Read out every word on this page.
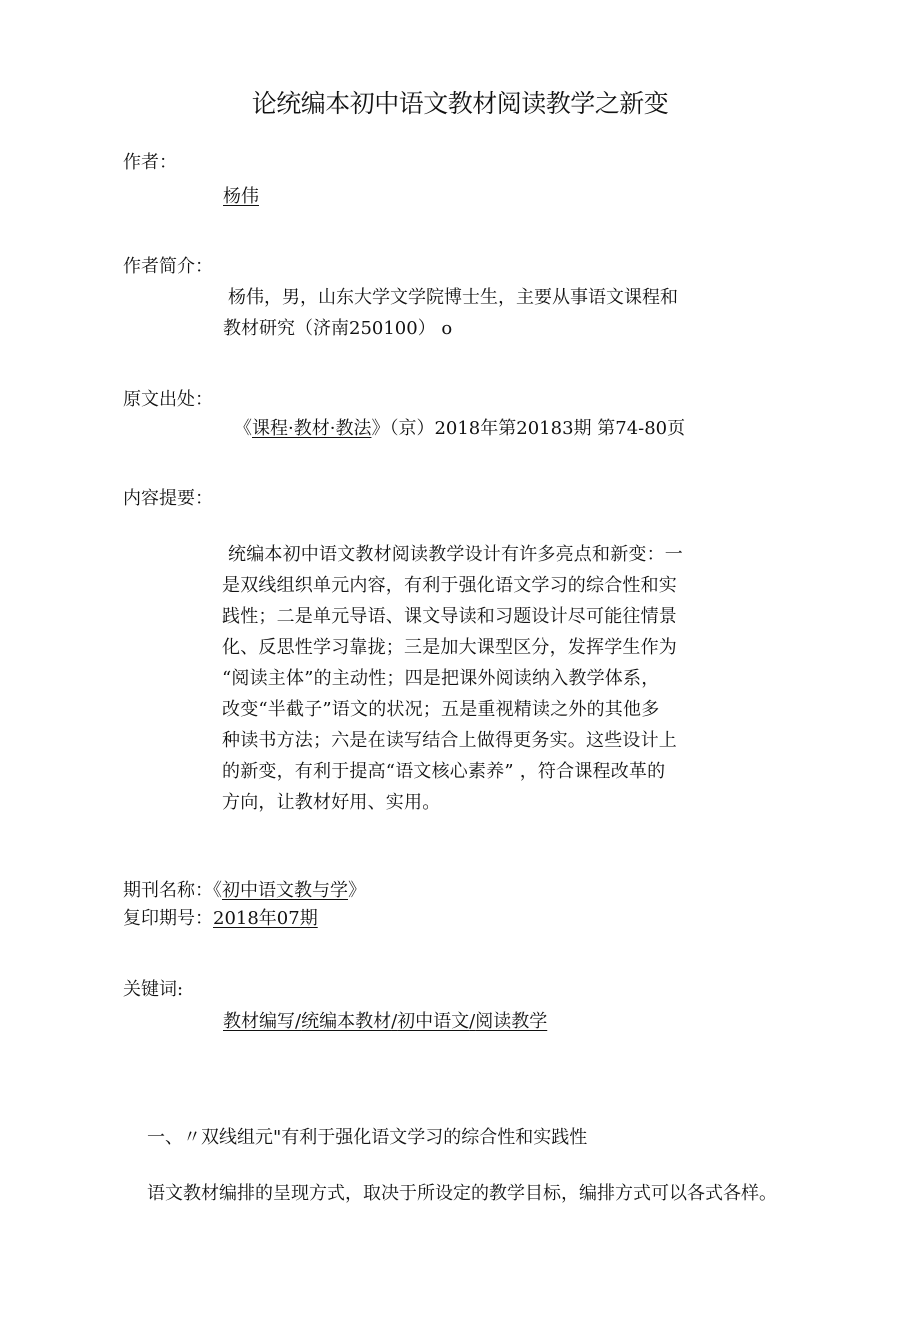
论统编本初中语文教材阅读教学之新变
作者：
杨伟
作者简介：
杨伟，男，山东大学文学院博士生，主要从事语文课程和
教材研究（济南250100） o
原文出处：
《课程·教材·教法》（京）2018年第20183期 第74-80页
内容提要：
统编本初中语文教材阅读教学设计有许多亮点和新变：一
是双线组织单元内容，有利于强化语文学习的综合性和实
践性；二是单元导语、课文导读和习题设计尽可能往情景
化、反思性学习靠拢；三是加大课型区分，发挥学生作为
“阅读主体”的主动性；四是把课外阅读纳入教学体系，
改变“半截子”语文的状况；五是重视精读之外的其他多
种读书方法；六是在读写结合上做得更务实。这些设计上
的新变，有利于提高“语文核心素养” ，符合课程改革的
方向，让教材好用、实用。
期刊名称：《初中语文教与学》
复印期号：2018年07期
关键词:
教材编写/统编本教材/初中语文/阅读教学
一、〃双线组元"有利于强化语文学习的综合性和实践性
语文教材编排的呈现方式，取决于所设定的教学目标，编排方式可以各式各样。
